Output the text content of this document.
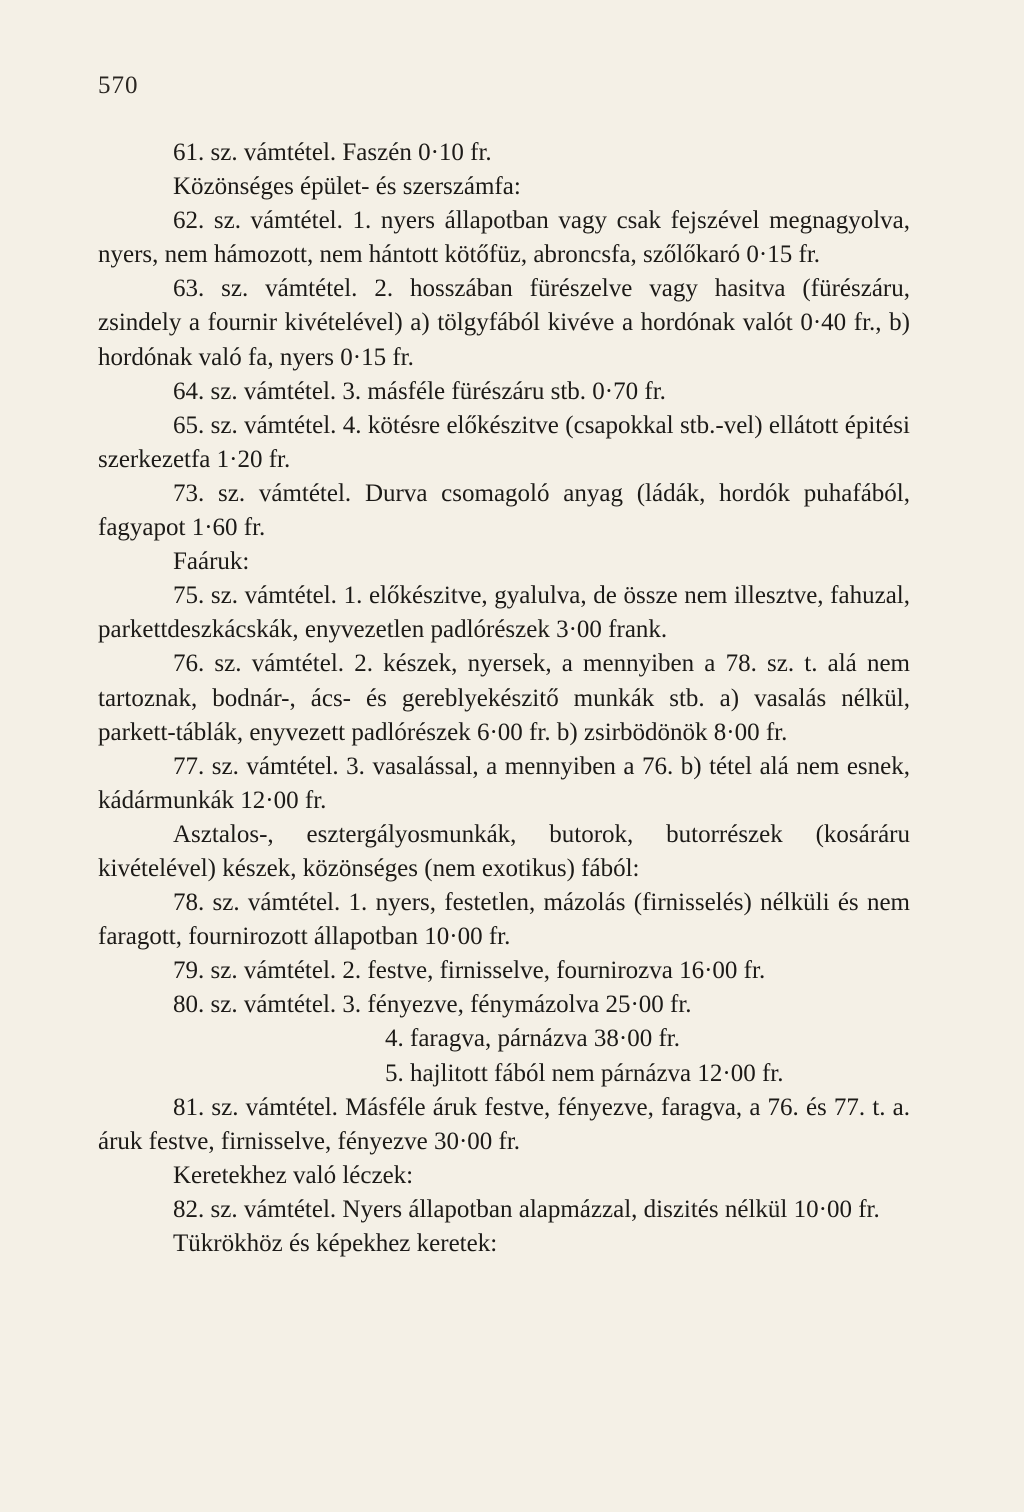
570

61. sz. vámtétel. Faszén 0·10 fr.

Közönséges épület- és szerszámfa:

62. sz. vámtétel. 1. nyers állapotban vagy csak fejszével megnagyolva, nyers, nem hámozott, nem hántott kötőfüz, abroncsfa, szőlőkaró 0·15 fr.

63. sz. vámtétel. 2. hosszában fürészelve vagy hasitva (fürészáru, zsindely a fournir kivételével) a) tölgyfából kivéve a hordónak valót 0·40 fr., b) hordónak való fa, nyers 0·15 fr.

64. sz. vámtétel. 3. másféle fürészáru stb. 0·70 fr.

65. sz. vámtétel. 4. kötésre előkészitve (csapokkal stb.-vel) ellátott épitési szerkezetfa 1·20 fr.

73. sz. vámtétel. Durva csomagoló anyag (ládák, hordók puhafából, fagyapot 1·60 fr.

Faáruk:

75. sz. vámtétel. 1. előkészitve, gyalulva, de össze nem illesztve, fahuzal, parkettdeszkácskák, enyvezetlen padlórészek 3·00 frank.

76. sz. vámtétel. 2. készek, nyersek, a mennyiben a 78. sz. t. alá nem tartoznak, bodnár-, ács- és gereblyekészitő munkák stb. a) vasalás nélkül, parkett-táblák, enyvezett padlórészek 6·00 fr. b) zsirbödönök 8·00 fr.

77. sz. vámtétel. 3. vasalással, a mennyiben a 76. b) tétel alá nem esnek, kádármunkák 12·00 fr.

Asztalos-, esztergályosmunkák, butorok, butorrészek (kosáráru kivételével) készek, közönséges (nem exotikus) fából:

78. sz. vámtétel. 1. nyers, festetlen, mázolás (firnisselés) nélküli és nem faragott, fournirozott állapotban 10·00 fr.

79. sz. vámtétel. 2. festve, firnisselve, fournirozva 16·00 fr.

80. sz. vámtétel. 3. fényezve, fénymázolva 25·00 fr.

4. faragva, párnázva 38·00 fr.

5. hajlitott fából nem párnázva 12·00 fr.

81. sz. vámtétel. Másféle áruk festve, fényezve, faragva, a 76. és 77. t. a. áruk festve, firnisselve, fényezve 30·00 fr.

Keretekhez való léczek:

82. sz. vámtétel. Nyers állapotban alapmázzal, diszités nélkül 10·00 fr.

Tükrökhöz és képekhez keretek:
